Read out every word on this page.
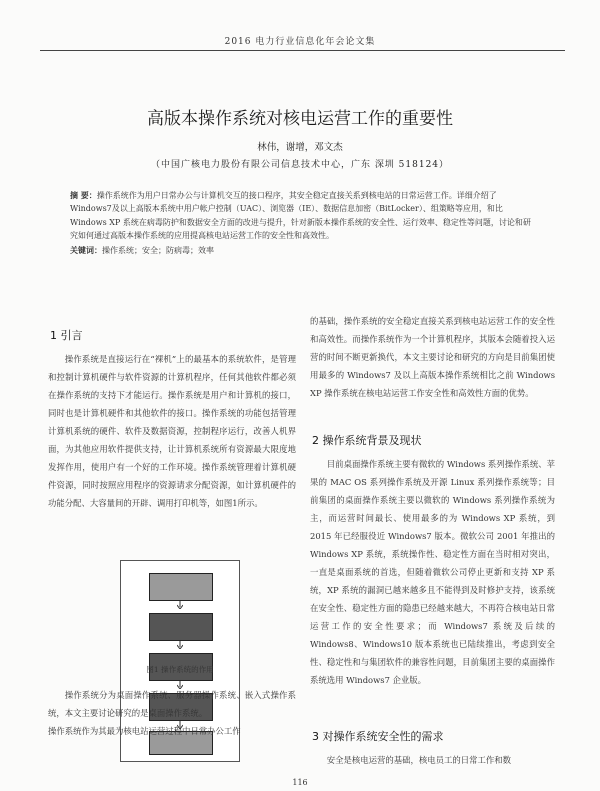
2016 电力行业信息化年会论文集
高版本操作系统对核电运营工作的重要性
林伟，谢增，邓文杰
（中国广核电力股份有限公司信息技术中心，广东 深圳 518124）
摘 要：操作系统作为用户日常办公与计算机交互的接口程序，其安全稳定直接关系到核电站的日常运营工作。详细介绍了Windows7及以上高版本系统中用户帐户控制（UAC）、浏览器（IE）、数据信息加密（BitLocker）、组策略等应用，和比 Windows XP 系统在病毒防护和数据安全方面的改进与提升，针对新版本操作系统的安全性、运行效率、稳定性等问题，讨论和研究如何通过高版本操作系统的应用提高核电站运营工作的安全性和高效性。
关键词：操作系统；安全；防病毒；效率
1 引言
操作系统是直接运行在“裸机”上的最基本的系统软件，是管理和控制计算机硬件与软件资源的计算机程序，任何其他软件都必须在操作系统的支持下才能运行。操作系统是用户和计算机的接口，同时也是计算机硬件和其他软件的接口。操作系统的功能包括管理计算机系统的硬件、软件及数据资源，控制程序运行，改善人机界面，为其他应用软件提供支持，让计算机系统所有资源最大限度地发挥作用，使用户有一个好的工作环境。操作系统管理着计算机硬件资源，同时按照应用程序的资源请求分配资源，如计算机硬件的功能分配、大容量间的开辟、调用打印机等，如图1所示。
图1 操作系统的作用
操作系统分为桌面操作系统、服务器操作系统、嵌入式操作系统，本文主要讨论研究的是桌面操作系统。
操作系统作为其最为核电站运营过程中日常办公工作
的基础，操作系统的安全稳定直接关系到核电站运营工作的安全性和高效性。而操作系统作为一个计算机程序，其版本会随着投入运营的时间不断更新换代，本文主要讨论和研究的方向是目前集团使用最多的 Windows7 及以上高版本操作系统相比之前 Windows XP 操作系统在核电站运营工作安全性和高效性方面的优势。
2 操作系统背景及现状
目前桌面操作系统主要有微软的 Windows 系列操作系统、苹果的 MAC OS 系列操作系统及开源 Linux 系列操作系统等；目前集团的桌面操作系统主要以微软的 Windows 系列操作系统为主，而运营时间最长、使用最多的为 Windows XP 系统，到 2015 年已经服役近 Windows7 版本。微软公司 2001 年推出的 Windows XP 系统，系统操作性、稳定性方面在当时相对突出，一直是桌面系统的首选，但随着微软公司停止更新和支持 XP 系统，XP 系统的漏洞已越来越多且不能得到及时修护支持，该系统在安全性、稳定性方面的隐患已经越来越大，不再符合核电站日常运营工作的安全性要求；而 Windows7 系统及后续的 Windows8、Windows10 版本系统也已陆续推出，考虑到安全性、稳定性和与集团软件的兼容性问题，目前集团主要的桌面操作系统选用 Windows7 企业版。
3 对操作系统安全性的需求
安全是核电运营的基础，核电员工的日常工作和数
116
